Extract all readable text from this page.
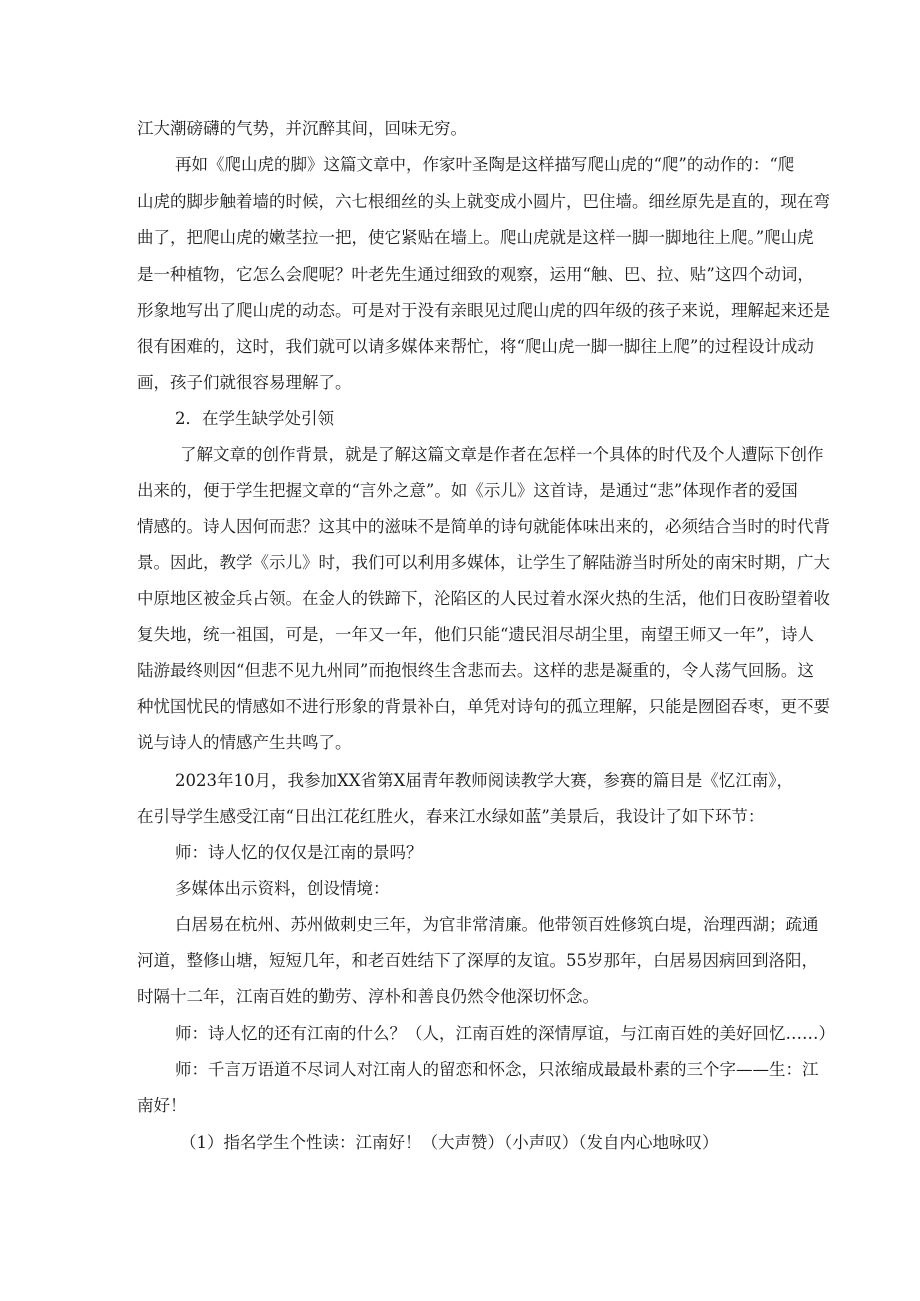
江大潮磅礴的气势，并沉醉其间，回味无穷。
再如《爬山虎的脚》这篇文章中，作家叶圣陶是这样描写爬山虎的“爬”的动作的：“爬
山虎的脚步触着墙的时候，六七根细丝的头上就变成小圆片，巴住墙。细丝原先是直的，现在弯
曲了，把爬山虎的嫩茎拉一把，使它紧贴在墙上。爬山虎就是这样一脚一脚地往上爬。”爬山虎
是一种植物，它怎么会爬呢？叶老先生通过细致的观察，运用“触、巴、拉、贴”这四个动词，
形象地写出了爬山虎的动态。可是对于没有亲眼见过爬山虎的四年级的孩子来说，理解起来还是
很有困难的，这时，我们就可以请多媒体来帮忙，将“爬山虎一脚一脚往上爬”的过程设计成动
画，孩子们就很容易理解了。
2．在学生缺学处引领
了解文章的创作背景，就是了解这篇文章是作者在怎样一个具体的时代及个人遭际下创作
出来的，便于学生把握文章的“言外之意”。如《示儿》这首诗，是通过“悲”体现作者的爱国
情感的。诗人因何而悲？这其中的滋味不是简单的诗句就能体味出来的，必须结合当时的时代背
景。因此，教学《示儿》时，我们可以利用多媒体，让学生了解陆游当时所处的南宋时期，广大
中原地区被金兵占领。在金人的铁蹄下，沦陷区的人民过着水深火热的生活，他们日夜盼望着收
复失地，统一祖国，可是，一年又一年，他们只能“遗民泪尽胡尘里，南望王师又一年”，诗人
陆游最终则因“但悲不见九州同”而抱恨终生含悲而去。这样的悲是凝重的，令人荡气回肠。这
种忧国忧民的情感如不进行形象的背景补白，单凭对诗句的孤立理解，只能是囫囵吞枣，更不要
说与诗人的情感产生共鸣了。
2023年10月，我参加XX省第X届青年教师阅读教学大赛，参赛的篇目是《忆江南》，
在引导学生感受江南“日出江花红胜火，春来江水绿如蓝”美景后，我设计了如下环节：
师：诗人忆的仅仅是江南的景吗？
多媒体出示资料，创设情境：
白居易在杭州、苏州做刺史三年，为官非常清廉。他带领百姓修筑白堤，治理西湖；疏通
河道，整修山塘，短短几年，和老百姓结下了深厚的友谊。55岁那年，白居易因病回到洛阳，
时隔十二年，江南百姓的勤劳、淳朴和善良仍然令他深切怀念。
师：诗人忆的还有江南的什么？（人，江南百姓的深情厚谊，与江南百姓的美好回忆……）
师：千言万语道不尽词人对江南人的留恋和怀念，只浓缩成最最朴素的三个字——生：江
南好！
（1）指名学生个性读：江南好！（大声赞）（小声叹）（发自内心地咏叹）
